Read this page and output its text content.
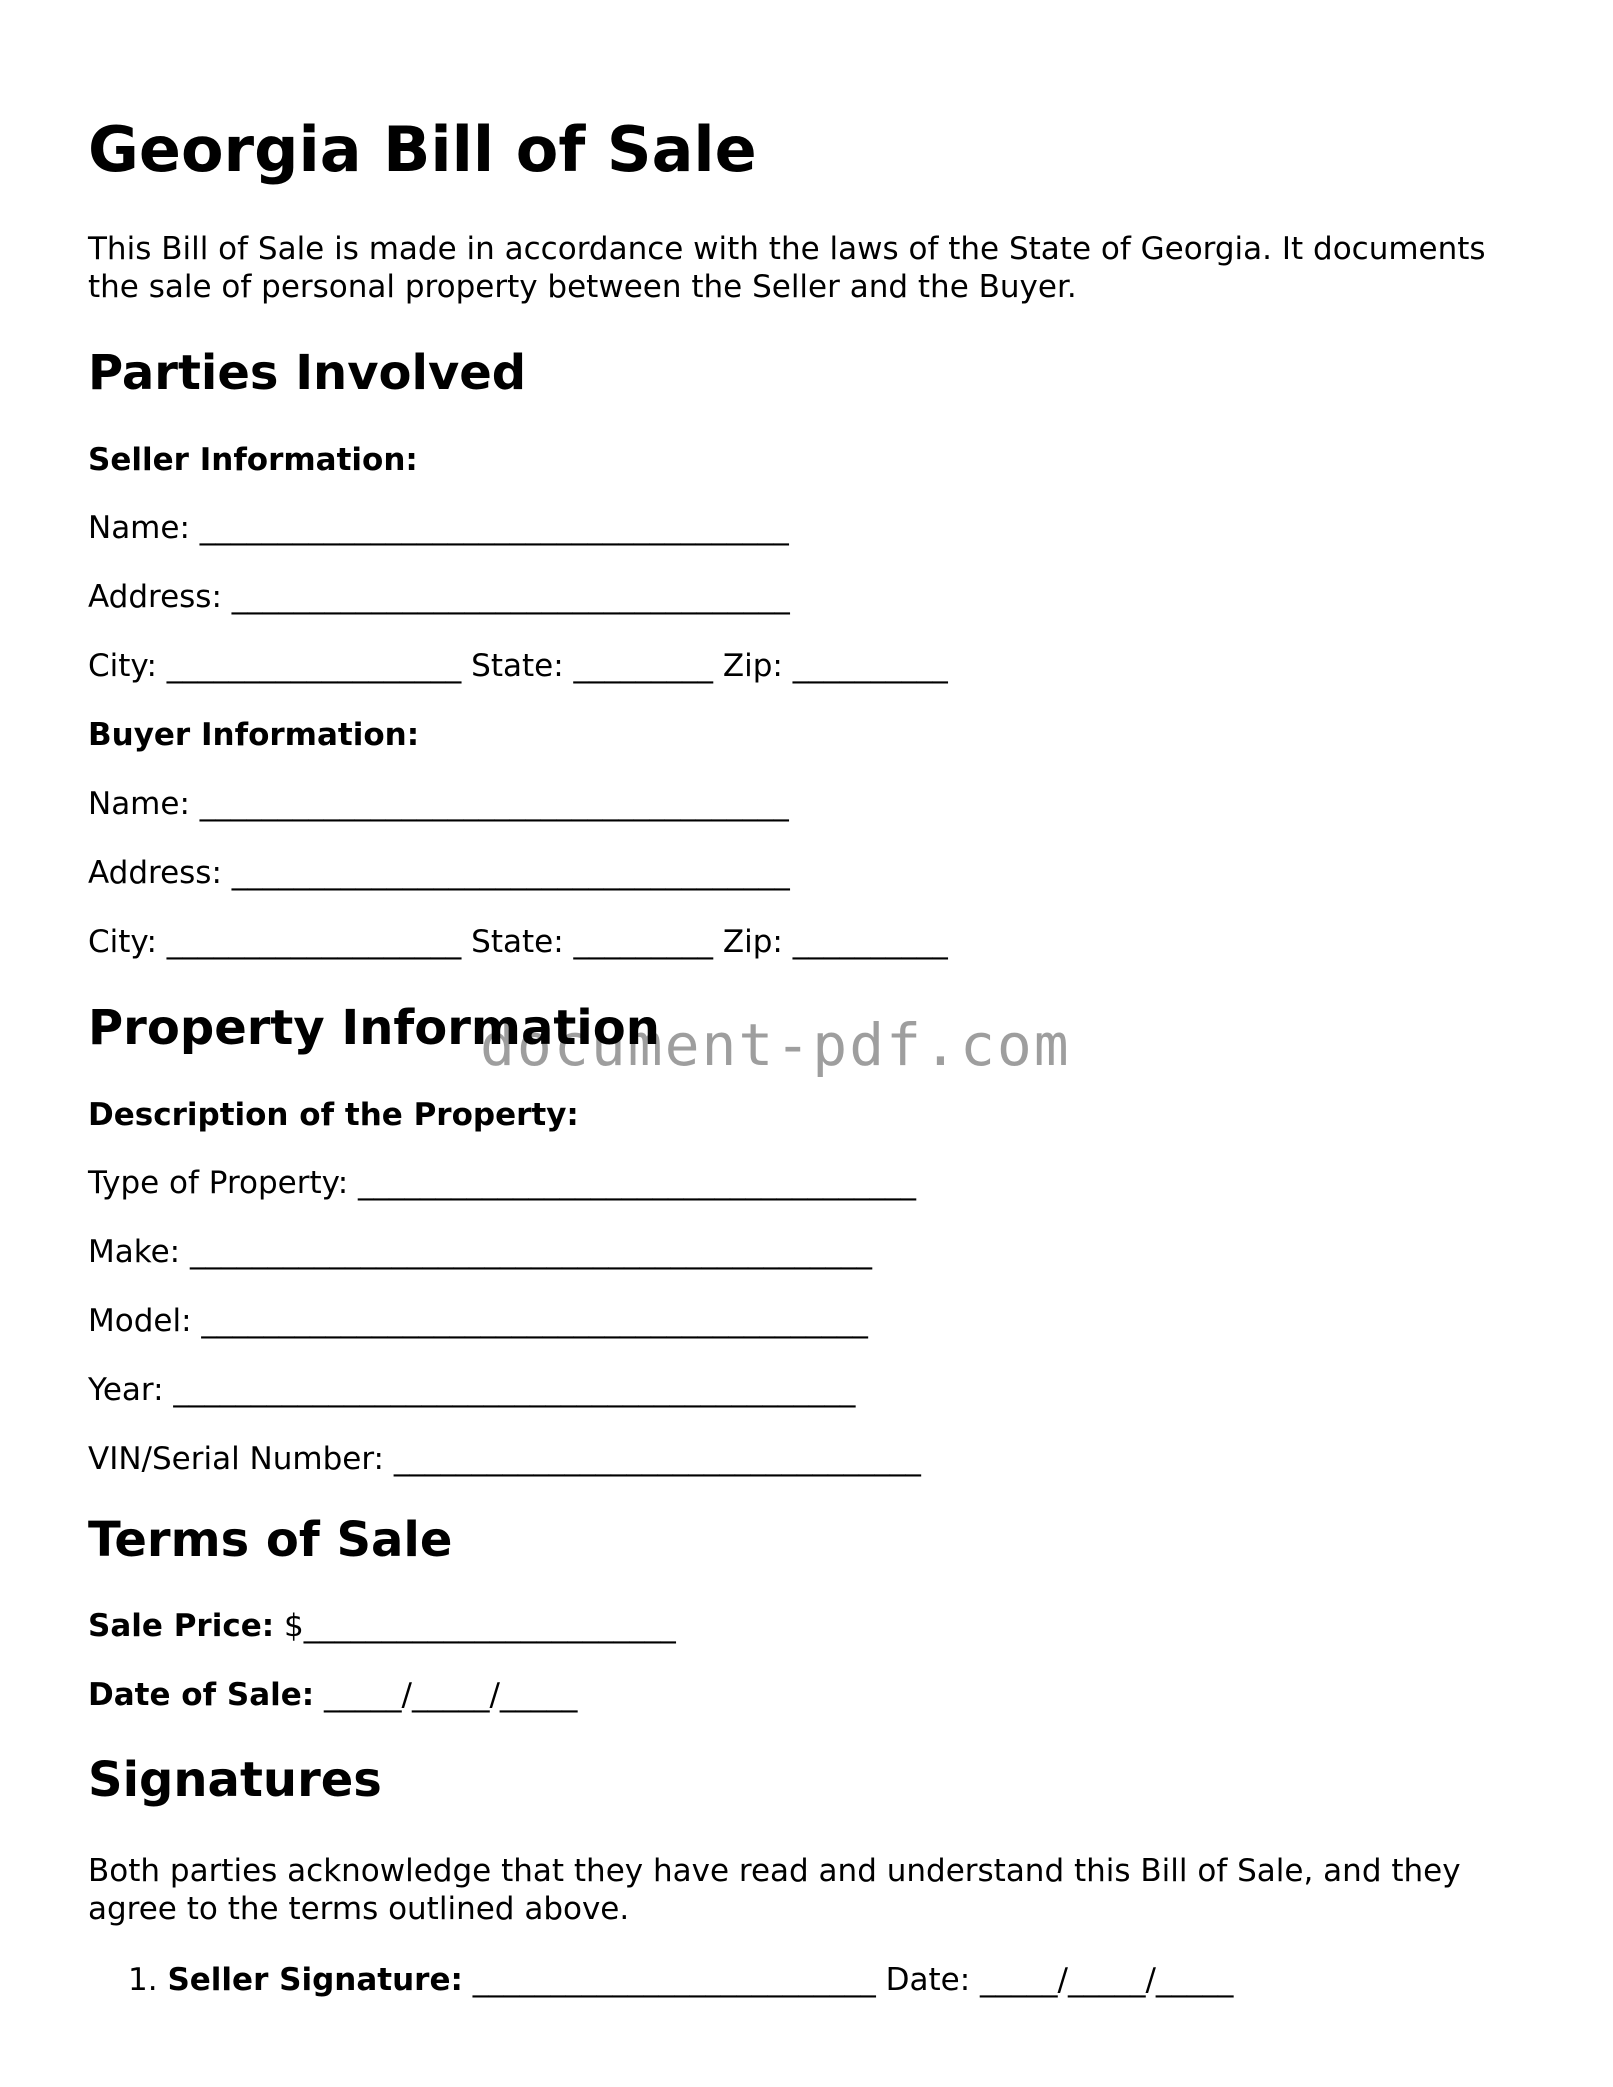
Georgia Bill of Sale

This Bill of Sale is made in accordance with the laws of the State of Georgia. It documents the sale of personal property between the Seller and the Buyer.

Parties Involved
Seller Information:
Name: ______________________________________
Address: ____________________________________
City: ___________________ State: _________ Zip: __________
Buyer Information:
Name: ______________________________________
Address: ____________________________________
City: ___________________ State: _________ Zip: __________
Property Information
Description of the Property:
Type of Property: ____________________________________
Make: ____________________________________________
Model: ___________________________________________
Year: ____________________________________________
VIN/Serial Number: __________________________________
Terms of Sale
Sale Price: $________________________
Date of Sale: _____/_____/_____
Signatures

Both parties acknowledge that they have read and understand this Bill of Sale, and they agree to the terms outlined above.

1. Seller Signature: __________________________ Date: _____/_____/_____
document-pdf.com
